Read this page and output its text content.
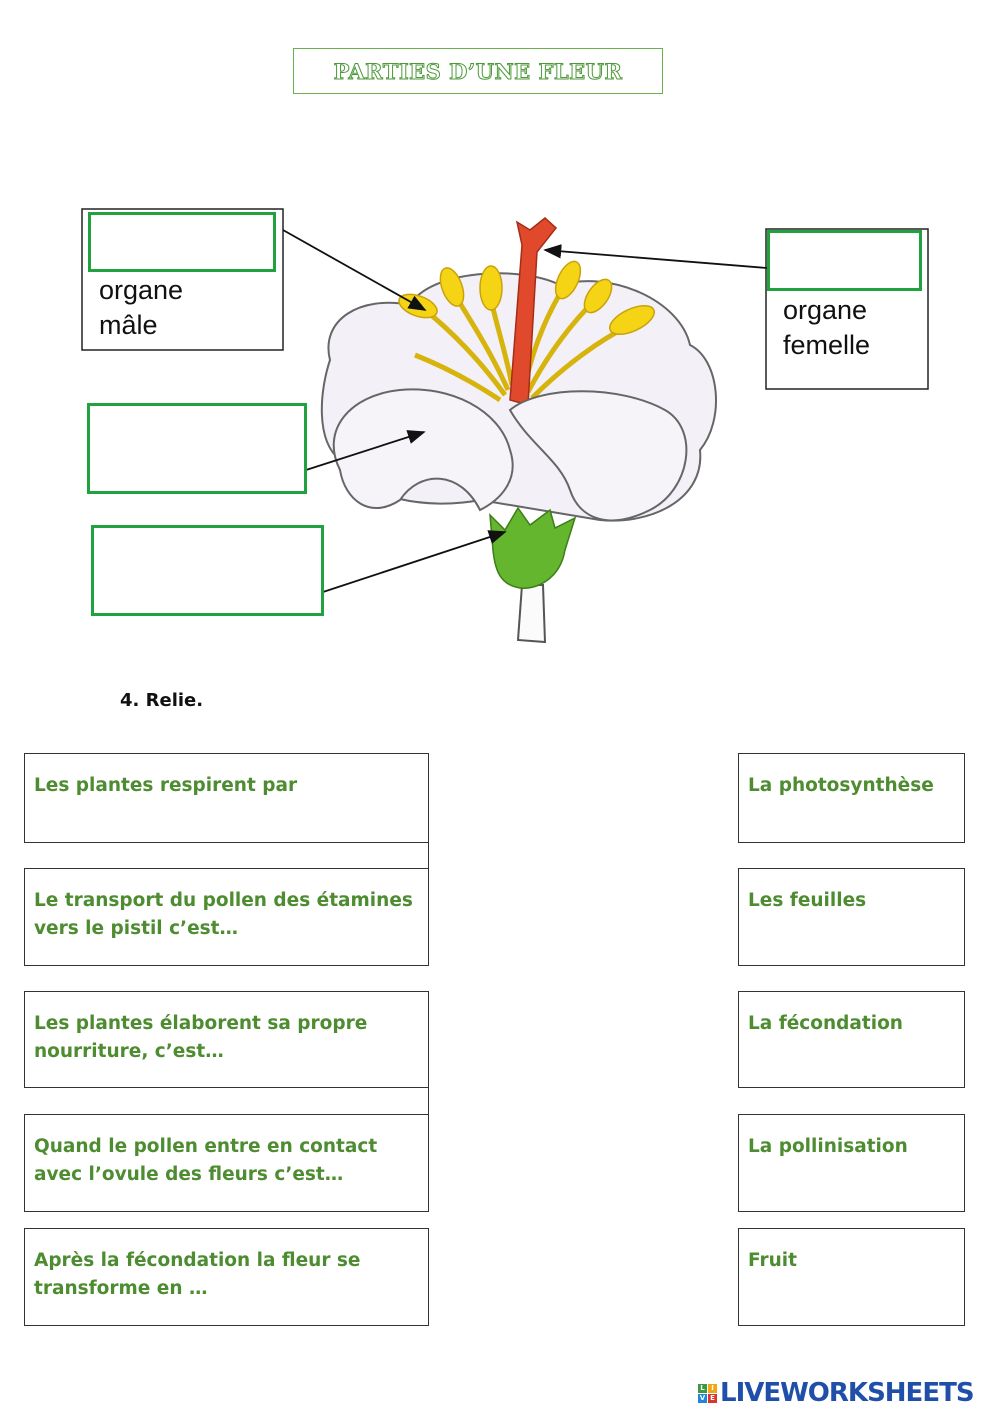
PARTIES D’UNE FLEUR
organe
mâle	organe
femelle
4. Relie.
Les plantes respirent par
Le transport du pollen des étamines vers le pistil c’est…
Les plantes élaborent sa propre nourriture, c’est…
Quand le pollen entre en contact avec l’ovule des fleurs c’est…
Après la fécondation la fleur se transforme en …
La photosynthèse
Les feuilles
La fécondation
La pollinisation
Fruit
L I
V E LIVEWORKSHEETS
